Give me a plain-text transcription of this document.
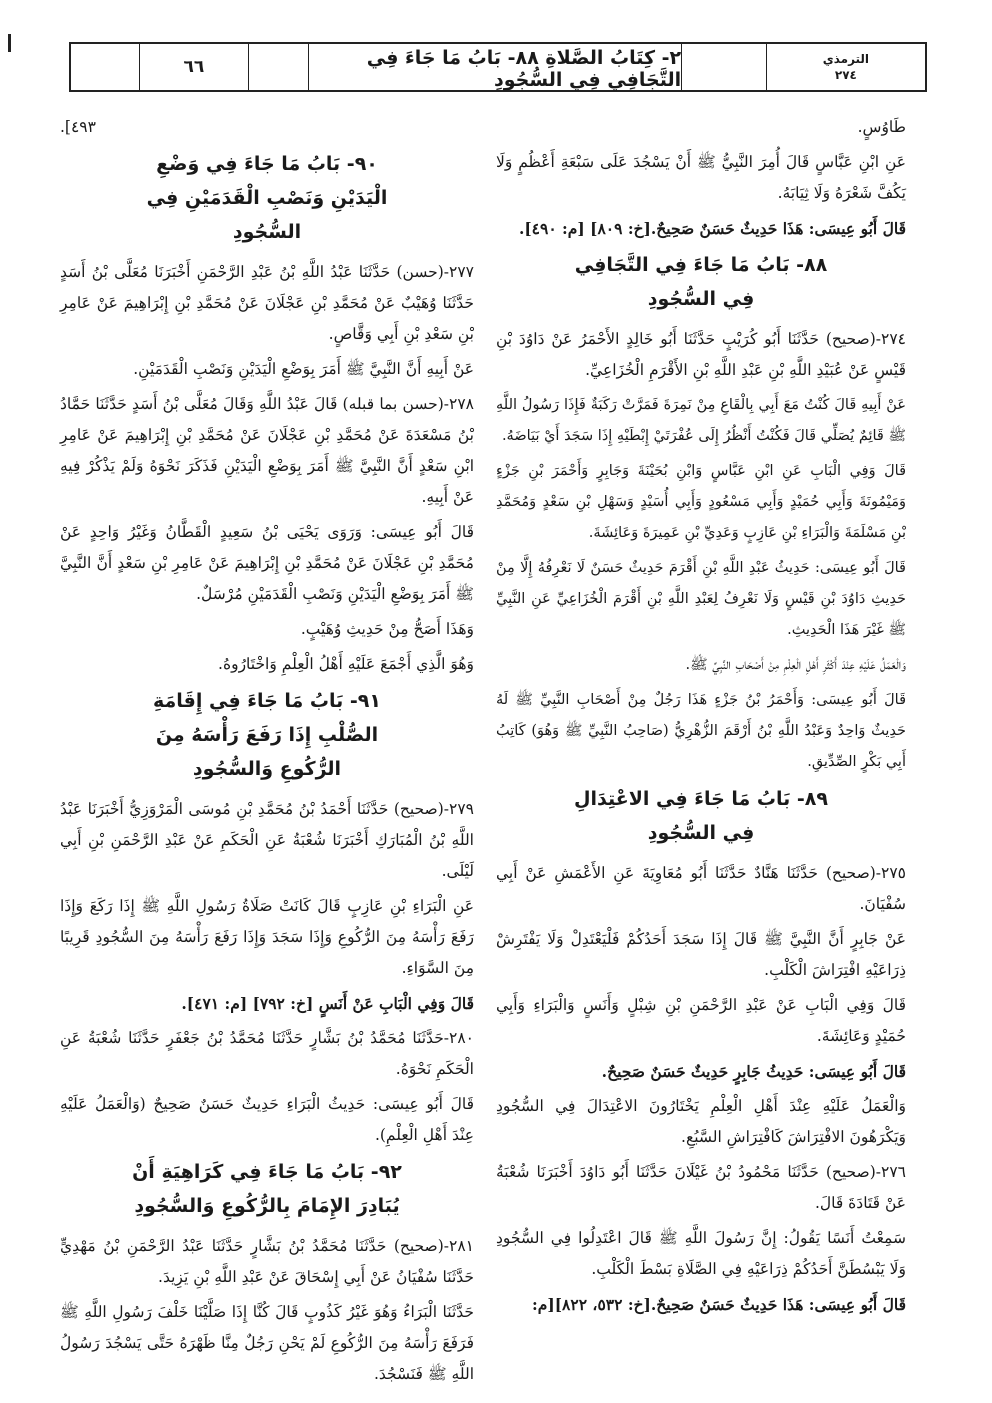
الترمذي
٢٧٤
٢- كِتَابُ الصَّلاةِ ٨٨- بَابُ مَا جَاءَ فِي التَّجَافِي فِي السُّجُودِ
٦٦

طَاوُسٍ.

عَنِ ابْنِ عَبَّاسٍ قَالَ أُمِرَ النَّبِيُّ ﷺ أَنْ يَسْجُدَ عَلَى سَبْعَةِ أَعْظُمٍ وَلَا يَكُفَّ شَعْرَهُ وَلَا ثِيَابَهُ.

قَالَ أَبُو عِيسَى: هَذَا حَدِيثٌ حَسَنٌ صَحِيحٌ.[خ: ٨٠٩] [م: ٤٩٠].

٨٨- بَابُ مَا جَاءَ فِي التَّجَافِي
فِي السُّجُودِ

٢٧٤-(صحيح) حَدَّثَنَا أَبُو كُرَيْبٍ حَدَّثَنَا أَبُو خَالِدٍ الأَحْمَرُ عَنْ دَاوُدَ بْنِ قَيْسٍ عَنْ عُبَيْدِ اللَّهِ بْنِ عَبْدِ اللَّهِ بْنِ الأَقْرَمِ الْخُزَاعِيِّ.

عَنْ أَبِيهِ قَالَ كُنْتُ مَعَ أَبِي بِالْقَاعِ مِنْ نَمِرَةَ فَمَرَّتْ رَكَبَةٌ فَإِذَا رَسُولُ اللَّهِ ﷺ قَائِمٌ يُصَلِّي قَالَ فَكُنْتُ أَنْظُرُ إِلَى عُفْرَتَيْ إِبْطَيْهِ إِذَا سَجَدَ أَيْ بَيَاضَهُ.

قَالَ وَفِي الْبَابِ عَنِ ابْنِ عَبَّاسٍ وَابْنِ بُحَيْنَةَ وَجَابِرٍ وَأَحْمَرَ بْنِ جَزْءٍ وَمَيْمُونَةَ وَأَبِي حُمَيْدٍ وَأَبِي مَسْعُودٍ وَأَبِي أُسَيْدٍ وَسَهْلِ بْنِ سَعْدٍ وَمُحَمَّدِ بْنِ مَسْلَمَةَ وَالْبَرَاءِ بْنِ عَازِبٍ وَعَدِيِّ بْنِ عَمِيرَةَ وَعَائِشَةَ.

قَالَ أَبُو عِيسَى: حَدِيثُ عَبْدِ اللَّهِ بْنِ أَقْرَمَ حَدِيثٌ حَسَنٌ لَا نَعْرِفُهُ إِلَّا مِنْ حَدِيثِ دَاوُدَ بْنِ قَيْسٍ وَلَا نَعْرِفُ لِعَبْدِ اللَّهِ بْنِ أَقْرَمَ الْخُزَاعِيِّ عَنِ النَّبِيِّ ﷺ غَيْرَ هَذَا الْحَدِيثِ.

وَالْعَمَلُ عَلَيْهِ عِنْدَ أَكْثَرِ أَهْلِ الْعِلْمِ مِنْ أَصْحَابِ النَّبِيِّ ﷺ.

قَالَ أَبُو عِيسَى: وَأَحْمَرُ بْنُ جَزْءٍ هَذَا رَجُلٌ مِنْ أَصْحَابِ النَّبِيِّ ﷺ لَهُ حَدِيثٌ وَاحِدٌ وَعَبْدُ اللَّهِ بْنُ أَرْقَمَ الزُّهْرِيُّ (صَاحِبُ النَّبِيِّ ﷺ وَهُوَ) كَاتِبُ أَبِي بَكْرٍ الصِّدِّيقِ.

٨٩- بَابُ مَا جَاءَ فِي الاعْتِدَالِ
فِي السُّجُودِ

٢٧٥-(صحيح) حَدَّثَنَا هَنَّادٌ حَدَّثَنَا أَبُو مُعَاوِيَةَ عَنِ الأَعْمَشِ عَنْ أَبِي سُفْيَانَ.

عَنْ جَابِرٍ أَنَّ النَّبِيَّ ﷺ قَالَ إِذَا سَجَدَ أَحَدُكُمْ فَلْيَعْتَدِلْ وَلَا يَفْتَرِشْ ذِرَاعَيْهِ افْتِرَاشَ الْكَلْبِ.

قَالَ وَفِي الْبَابِ عَنْ عَبْدِ الرَّحْمَنِ بْنِ شِبْلٍ وَأَنَسٍ وَالْبَرَاءِ وَأَبِي حُمَيْدٍ وَعَائِشَةَ.

قَالَ أَبُو عِيسَى: حَدِيثُ جَابِرٍ حَدِيثٌ حَسَنٌ صَحِيحٌ.

وَالْعَمَلُ عَلَيْهِ عِنْدَ أَهْلِ الْعِلْمِ يَخْتَارُونَ الاعْتِدَالَ فِي السُّجُودِ وَيَكْرَهُونَ الافْتِرَاشَ كَافْتِرَاشِ السَّبُعِ.

٢٧٦-(صحيح) حَدَّثَنَا مَحْمُودُ بْنُ غَيْلَانَ حَدَّثَنَا أَبُو دَاوُدَ أَخْبَرَنَا شُعْبَةُ عَنْ قَتَادَةَ قَالَ.

سَمِعْتُ أَنَسًا يَقُولُ: إِنَّ رَسُولَ اللَّهِ ﷺ قَالَ اعْتَدِلُوا فِي السُّجُودِ وَلَا يَبْسُطَنَّ أَحَدُكُمْ ذِرَاعَيْهِ فِي الصَّلَاةِ بَسْطَ الْكَلْبِ.

قَالَ أَبُو عِيسَى: هَذَا حَدِيثٌ حَسَنٌ صَحِيحٌ.[خ: ٥٣٢، ٨٢٢][م:

٤٩٣].

٩٠- بَابُ مَا جَاءَ فِي وَضْعِ
الْيَدَيْنِ وَنَصْبِ الْقَدَمَيْنِ فِي
السُّجُودِ

٢٧٧-(حسن) حَدَّثَنَا عَبْدُ اللَّهِ بْنُ عَبْدِ الرَّحْمَنِ أَخْبَرَنَا مُعَلَّى بْنُ أَسَدٍ حَدَّثَنَا وُهَيْبٌ عَنْ مُحَمَّدِ بْنِ عَجْلَانَ عَنْ مُحَمَّدِ بْنِ إِبْرَاهِيمَ عَنْ عَامِرِ بْنِ سَعْدِ بْنِ أَبِي وَقَّاصٍ.

عَنْ أَبِيهِ أَنَّ النَّبِيَّ ﷺ أَمَرَ بِوَضْعِ الْيَدَيْنِ وَنَصْبِ الْقَدَمَيْنِ.

٢٧٨-(حسن بما قبله) قَالَ عَبْدُ اللَّهِ وَقَالَ مُعَلَّى بْنُ أَسَدٍ حَدَّثَنَا حَمَّادُ بْنُ مَسْعَدَةَ عَنْ مُحَمَّدِ بْنِ عَجْلَانَ عَنْ مُحَمَّدِ بْنِ إِبْرَاهِيمَ عَنْ عَامِرِ ابْنِ سَعْدٍ أَنَّ النَّبِيَّ ﷺ أَمَرَ بِوَضْعِ الْيَدَيْنِ فَذَكَرَ نَحْوَهُ وَلَمْ يَذْكُرْ فِيهِ عَنْ أَبِيهِ.

قَالَ أَبُو عِيسَى: وَرَوَى يَحْيَى بْنُ سَعِيدٍ الْقَطَّانُ وَغَيْرُ وَاحِدٍ عَنْ مُحَمَّدِ بْنِ عَجْلَانَ عَنْ مُحَمَّدِ بْنِ إِبْرَاهِيمَ عَنْ عَامِرِ بْنِ سَعْدٍ أَنَّ النَّبِيَّ ﷺ أَمَرَ بِوَضْعِ الْيَدَيْنِ وَنَصْبِ الْقَدَمَيْنِ مُرْسَلٌ.

وَهَذَا أَصَحُّ مِنْ حَدِيثِ وُهَيْبٍ.

وَهُوَ الَّذِي أَجْمَعَ عَلَيْهِ أَهْلُ الْعِلْمِ وَاخْتَارُوهُ.

٩١- بَابُ مَا جَاءَ فِي إِقَامَةِ
الصُّلْبِ إِذَا رَفَعَ رَأْسَهُ مِنَ
الرُّكُوعِ وَالسُّجُودِ

٢٧٩-(صحيح) حَدَّثَنَا أَحْمَدُ بْنُ مُحَمَّدِ بْنِ مُوسَى الْمَرْوَزِيُّ أَخْبَرَنَا عَبْدُ اللَّهِ بْنُ الْمُبَارَكِ أَخْبَرَنَا شُعْبَةُ عَنِ الْحَكَمِ عَنْ عَبْدِ الرَّحْمَنِ بْنِ أَبِي لَيْلَى.

عَنِ الْبَرَاءِ بْنِ عَازِبٍ قَالَ كَانَتْ صَلَاةُ رَسُولِ اللَّهِ ﷺ إِذَا رَكَعَ وَإِذَا رَفَعَ رَأْسَهُ مِنَ الرُّكُوعِ وَإِذَا سَجَدَ وَإِذَا رَفَعَ رَأْسَهُ مِنَ السُّجُودِ قَرِيبًا مِنَ السَّوَاءِ.

قَالَ وَفِي الْبَابِ عَنْ أَنَسٍ [خ: ٧٩٢] [م: ٤٧١].

٢٨٠-حَدَّثَنَا مُحَمَّدُ بْنُ بَشَّارٍ حَدَّثَنَا مُحَمَّدُ بْنُ جَعْفَرٍ حَدَّثَنَا شُعْبَةُ عَنِ الْحَكَمِ نَحْوَهُ.

قَالَ أَبُو عِيسَى: حَدِيثُ الْبَرَاءِ حَدِيثٌ حَسَنٌ صَحِيحٌ (وَالْعَمَلُ عَلَيْهِ عِنْدَ أَهْلِ الْعِلْمِ).

٩٢- بَابُ مَا جَاءَ فِي كَرَاهِيَةِ أَنْ
يُبَادِرَ الإِمَامَ بِالرُّكُوعِ وَالسُّجُودِ

٢٨١-(صحيح) حَدَّثَنَا مُحَمَّدُ بْنُ بَشَّارٍ حَدَّثَنَا عَبْدُ الرَّحْمَنِ بْنُ مَهْدِيٍّ حَدَّثَنَا سُفْيَانُ عَنْ أَبِي إِسْحَاقَ عَنْ عَبْدِ اللَّهِ بْنِ يَزِيدَ.

حَدَّثَنَا الْبَرَاءُ وَهُوَ غَيْرُ كَذُوبٍ قَالَ كُنَّا إِذَا صَلَّيْنَا خَلْفَ رَسُولِ اللَّهِ ﷺ فَرَفَعَ رَأْسَهُ مِنَ الرُّكُوعِ لَمْ يَحْنِ رَجُلٌ مِنَّا ظَهْرَهُ حَتَّى يَسْجُدَ رَسُولُ اللَّهِ ﷺ فَنَسْجُدَ.
